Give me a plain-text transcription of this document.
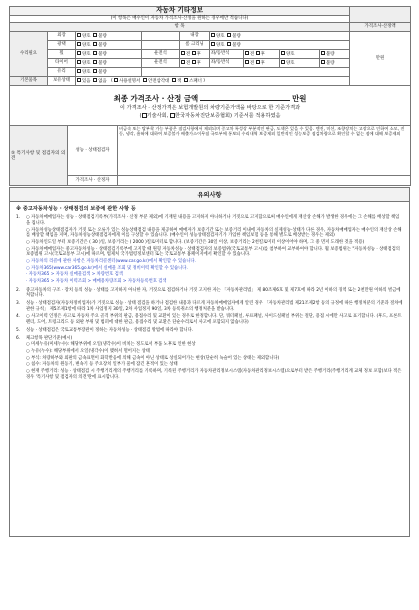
자동차 기타정보									
(이 항목은 매수인이 자동차 가격조사·산정을 원하는 경우에만 적습니다)									
항 목									가격조사·산정액
수리필요	외장	양호 불량		내장	양호 불량				만원
	광택	양호 불량		룸 크리닝	양호 불량				
	휠	양호 불량	운전석	전 후	좌/동반석	전 후	양호	불량	
	타이어	양호 불량	운전석	전 후	좌/동반석	전 후	양호	불량	
	유리	양호 불량							
기본품목	보유상태	있음 없음 ( 사용설명서 안전삼각대 잭 스패너 )							

최종 가격조사 · 산정 금액 만원
이 가격조사 · 산정가격은 보험개발원의 차량기준가액을 바탕으로 한 기준가격과
( 기술사회, 한국자동차진단보증협회) 기준서를 적용하였음									
⑤ 특기사항 및 점검자의 의견	성능 · 상태점검자	비금속 또는 탈부착 가능 부품은 점검사항에서 제외되며 중고차 특성상 부분적인 판금, 도색은 있을 수 있음. 엔진, 미션, 조향장치는 고장으로 인하여 소모, 진동, 냉각, 흠혀에 대하여 보증불가 배출가스이무점 국토부에 통보되 수리내역 보증제외 일반적인 성능보증 점검차량으로 확인할 수 없는 점에 대해 보증제외
	가격조사 · 산정자	
유의사항
※ 중고자동차성능 · 상태점검의 보증에 관한 사항 등
1.	○ 자동차매매업자는 성능 · 상태점검기록부(가격조사 · 산정 부분 제외)에 기재된 내용을 고지하지 아니하거나 거짓으로 고지함으로써 매수인에게 재산상 손해가 발생한 경우에는 그 손해를 배상할 책임을 집니다.
○ 자동차성능상태점검자가 거짓 또는 오류가 있는 성능상태점검 내용을 제공하여 매매자가 보증기간 또는 보증거리 이내에 자동차의 실제성능·상태가 다른 경우, 자동차매매업자는 매수인의 재산상 손해를 배상할 책임을 지며, 자동차성능상태점검자에게 이를 구상할 수 있습니다. (매수인이 성능상태점검자기가 가입한 책임보험 등을 통해 별도로 배상받는 경우는 제외)
○ 자동차인도일 부터 보증기간은 ( 30 )일, 보증거리는 ( 2000 )킬로미터로 합니다. (보증기간은 30일 이상, 보증거리는 2천킬로미터 이상이어야 하며, 그 중 먼저 도래한 것을 적용)
○ 자동차매매업자는 중고자동차성능 · 상태점검기록부에 고지할 때 원형 자동차성능 · 상태점검자의 보증범위(국토교통부 고시)를 첨부하여 교부하여야 합니다. 월 보증범위는 "자동차성능 · 상태점검의 보증범위 고시(국토교통부 고시)에 따르며, 법제처 국가법령정보센터 또는 국토교통부 홈페이지에서 확인할 수 있습니다.
○ 자동차의 리콜에 관한 사항은 자동차리콜센터(www.car.go.kr)에서 확인할 수 있습니다.
○ 자동차365(www.car365.go.kr)에서 실매물 조회 및 정비이력 확인할 수 있습니다.
· 자동차365 > 자동차 실매물검색 > 차량번호 검색
· 자동차365 > 자동차 이력조회 > 매매용차량조회 > 자동차등록번호 검색
2.	중고자동차의 구조 · 장치 등의 성능 · 상태를 고지하지 아니한 자, 거짓으로 점검하거나 거짓 고지한 자는 「자동차관리법」 제 80조제6호 및 제7호에 따라 2년 이하의 징역 또는 2천만원 이하의 벌금에 처합니다.
3.	성능 · 상태점검자(자동차정비업자)가 거짓으로 성능 · 상태 점검을 하거나 점검한 내용과 다르게 자동차매매업자에게 알린 경우 「자동차관리법 제21조제2항 등의 규정에 따른 행정처분의 기준과 절차에 관한 규칙」 제5조제1항에 따라 1차 사업정지 30일, 2차 사업정지 90일, 3차 등록취소의 행정처분을 받습니다.
4.	○ 사고이력 인정은 사고로 자동차 주요 골격 부위의 판금, 용접수리 및 교환이 있는 경우로 한정합니다. 단, 쿼터패널, 루프패널, 사이드실패널 부위는 절단, 용접 시에만 사고로 표기합니다. (후드, 프론트펜더, 도어, 트렁크리드 등 외판 부위 및 범퍼에 대한 판금, 용접수리 및 교환은 단순수리로서 사고에 포함되지 않습니다)
5.	성능 · 상태점검은 국토교통부장관이 정하는 자동차성능 · 상태점검 방법에 따라야 합니다.
6.	체크항목 판단기준(예시)
○ 미세누유(미세누수): 해당부위에 오일(냉각수)이 비치는 정도로서 부품 노후로 인한 현상
○ 누유(누수): 해당부위에서 오일(냉각수)이 맺혀서 떨어지는 상태
○ 부식: 차량하부와 외판의 금속표면이 화학반응에 의해 금속이 아닌 상태로 상실되어가는 현상(단순히 녹슬어 있는 상태는 제외합니다)
○ 침수: 자동차의 원동기, 변속기 등 주요장치 일부가 물에 잠긴 흔적이 있는 상태
○ 현재 주행거리: 성능 · 상태점검 시 주행거리계의 주행거리를 기록하며, 기록된 주행거리가 자동차관리정보시스템(자동차관리정보시스템)으로부터 받은 주행거리(주행거리계 교체 정보 포함)보다 적은 경우 '특기사항 및 점검자의 의견'란에 표시합니다.
